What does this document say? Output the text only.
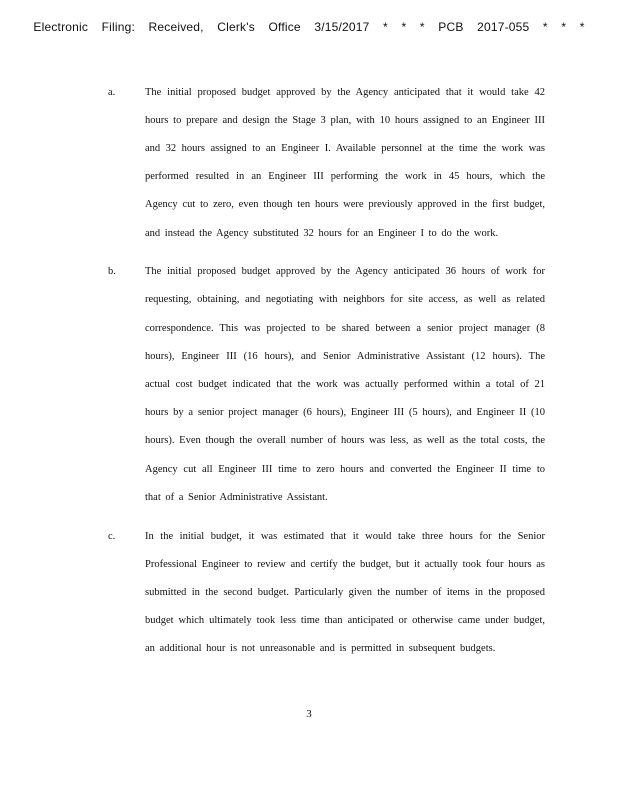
Electronic Filing: Received, Clerk's Office 3/15/2017 * * * PCB 2017-055 * * *
a.	The initial proposed budget approved by the Agency anticipated that it would take 42 hours to prepare and design the Stage 3 plan, with 10 hours assigned to an Engineer III and 32 hours assigned to an Engineer I. Available personnel at the time the work was performed resulted in an Engineer III performing the work in 45 hours, which the Agency cut to zero, even though ten hours were previously approved in the first budget, and instead the Agency substituted 32 hours for an Engineer I to do the work.

b.	The initial proposed budget approved by the Agency anticipated 36 hours of work for requesting, obtaining, and negotiating with neighbors for site access, as well as related correspondence. This was projected to be shared between a senior project manager (8 hours), Engineer III (16 hours), and Senior Administrative Assistant (12 hours). The actual cost budget indicated that the work was actually performed within a total of 21 hours by a senior project manager (6 hours), Engineer III (5 hours), and Engineer II (10 hours). Even though the overall number of hours was less, as well as the total costs, the Agency cut all Engineer III time to zero hours and converted the Engineer II time to that of a Senior Administrative Assistant.

c.	In the initial budget, it was estimated that it would take three hours for the Senior Professional Engineer to review and certify the budget, but it actually took four hours as submitted in the second budget. Particularly given the number of items in the proposed budget which ultimately took less time than anticipated or otherwise came under budget, an additional hour is not unreasonable and is permitted in subsequent budgets.

3
